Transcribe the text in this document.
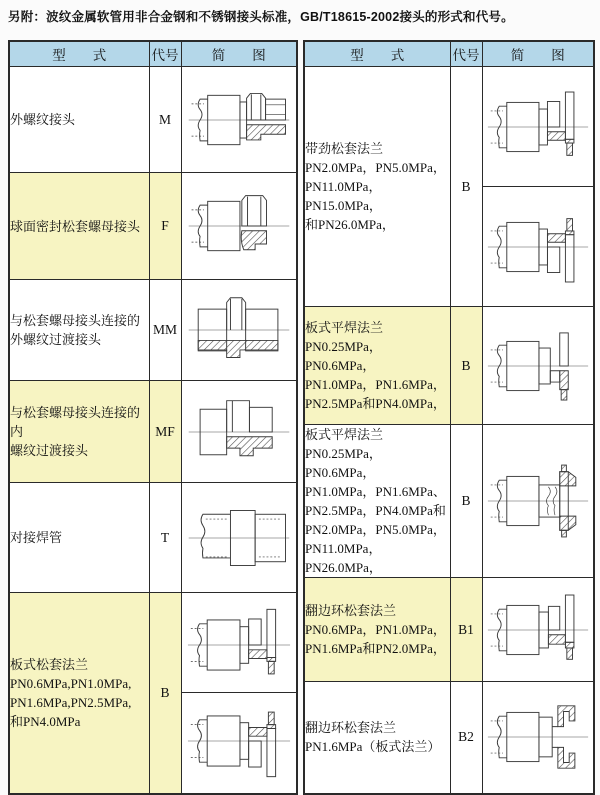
另附：波纹金属软管用非合金钢和不锈钢接头标准，GB/T18615-2002接头的形式和代号。
型　　式	代号	简　　图
外螺纹接头	M	

球面密封松套螺母接头	F	

与松套螺母接头连接的
外螺纹过渡接头	MM	

与松套螺母接头连接的内
螺纹过渡接头	MF	

对接焊管	T	

板式松套法兰
PN0.6MPa,PN1.0MPa,
PN1.6MPa,PN2.5MPa,
和PN4.0MPa	B	
型　　式	代号	简　　图
带劲松套法兰
PN2.0MPa，PN5.0MPa，
PN11.0MPa，PN15.0MPa，
和PN26.0MPa，	B	

板式平焊法兰
PN0.25MPa，PN0.6MPa，
PN1.0MPa，PN1.6MPa，
PN2.5MPa和PN4.0MPa，	B	

板式平焊法兰
PN0.25MPa，PN0.6MPa，
PN1.0MPa，PN1.6MPa、
PN2.5MPa，PN4.0MPa和
PN2.0MPa，PN5.0MPa，
PN11.0MPa，PN26.0MPa，	B	

翻边环松套法兰
PN0.6MPa，PN1.0MPa，
PN1.6MPa和PN2.0MPa，	B1	

翻边环松套法兰
PN1.6MPa（板式法兰）	B2	
